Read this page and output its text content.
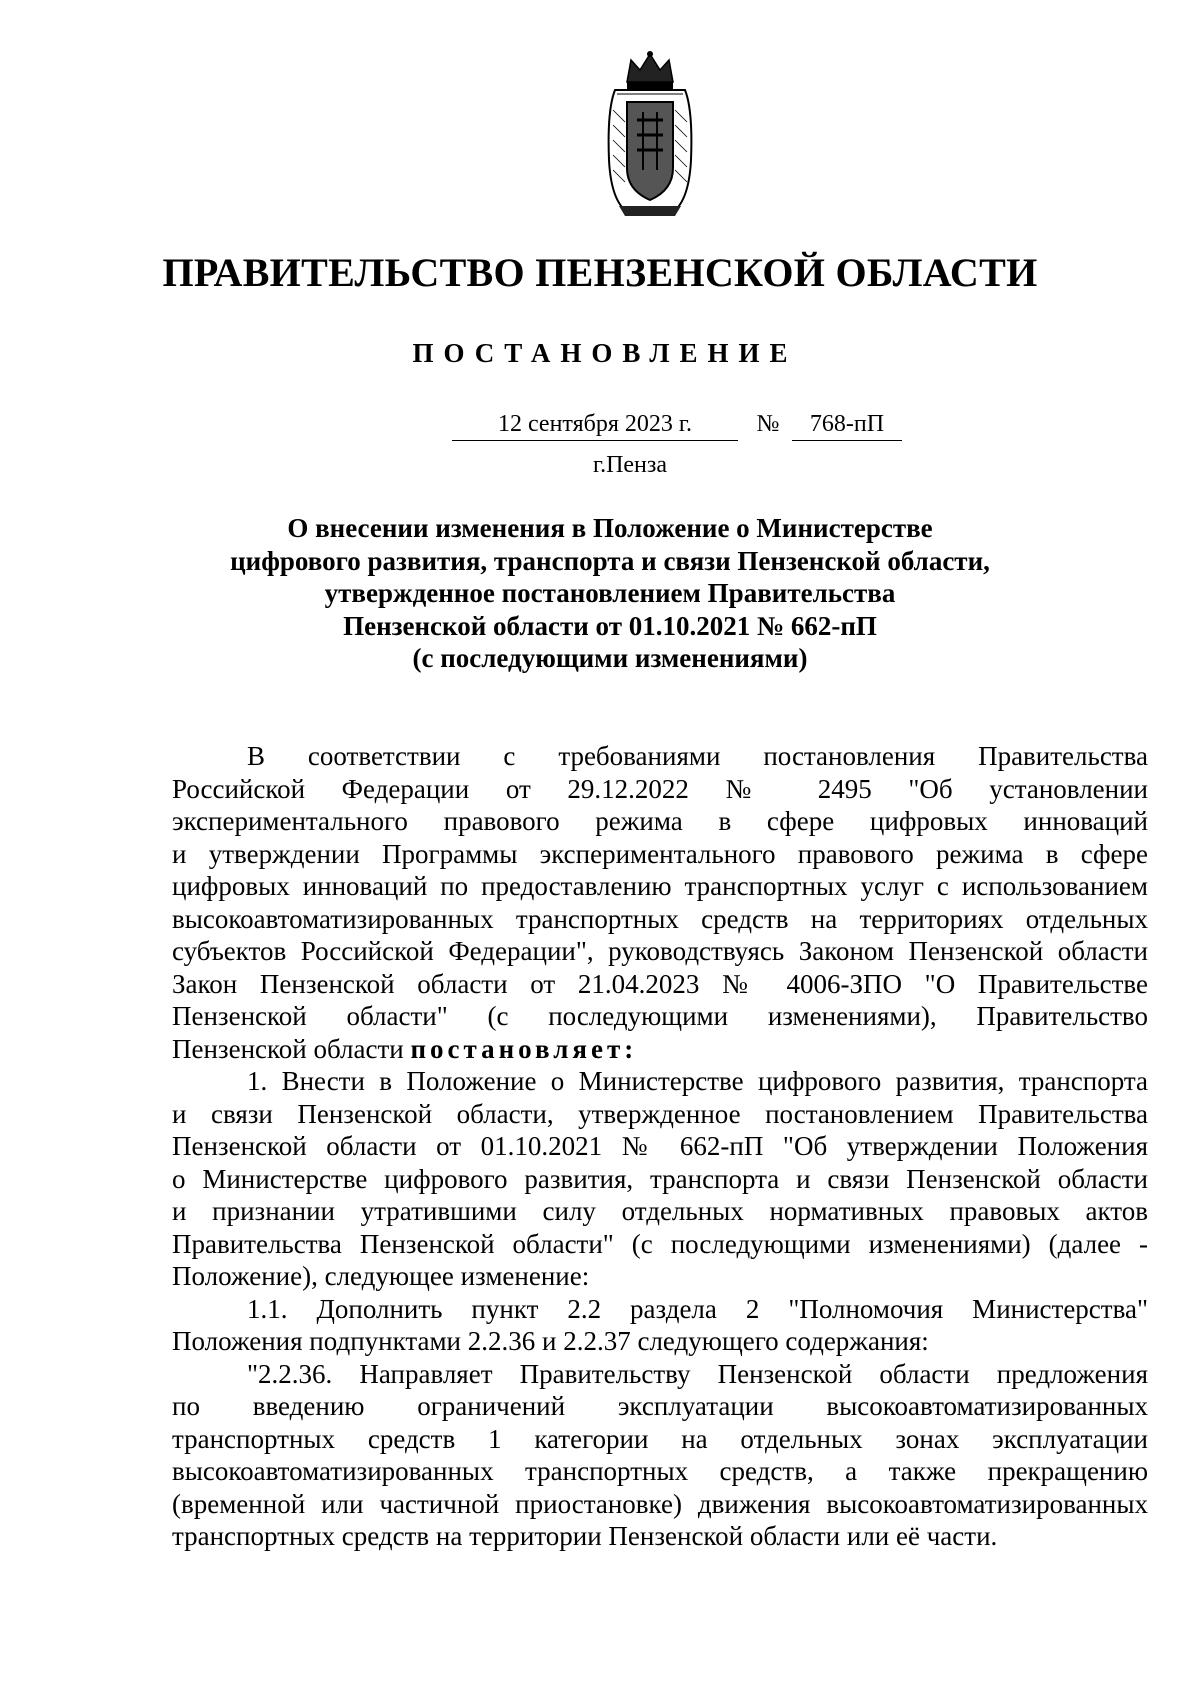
ПРАВИТЕЛЬСТВО ПЕНЗЕНСКОЙ ОБЛАСТИ
ПОСТАНОВЛЕНИЕ
12 сентября 2023 г.	№	768-пП
г.Пенза
О внесении изменения в Положение о Министерстве
цифрового развития, транспорта и связи Пензенской области,
утвержденное постановлением Правительства
Пензенской области от 01.10.2021 № 662-пП
(с последующими изменениями)
В соответствии с требованиями постановления Правительства
Российской Федерации от 29.12.2022 № 2495 "Об установлении
экспериментального правового режима в сфере цифровых инноваций
и утверждении Программы экспериментального правового режима в сфере
цифровых инноваций по предоставлению транспортных услуг с использованием
высокоавтоматизированных транспортных средств на территориях отдельных
субъектов Российской Федерации", руководствуясь Законом Пензенской области
Закон Пензенской области от 21.04.2023 № 4006-ЗПО "О Правительстве
Пензенской области" (с последующими изменениями), Правительство
Пензенской области постановляет:
1. Внести в Положение о Министерстве цифрового развития, транспорта
и связи Пензенской области, утвержденное постановлением Правительства
Пензенской области от 01.10.2021 № 662-пП "Об утверждении Положения
о Министерстве цифрового развития, транспорта и связи Пензенской области
и признании утратившими силу отдельных нормативных правовых актов
Правительства Пензенской области" (с последующими изменениями) (далее -
Положение), следующее изменение:
1.1. Дополнить пункт 2.2 раздела 2 "Полномочия Министерства"
Положения подпунктами 2.2.36 и 2.2.37 следующего содержания:
"2.2.36. Направляет Правительству Пензенской области предложения
по введению ограничений эксплуатации высокоавтоматизированных
транспортных средств 1 категории на отдельных зонах эксплуатации
высокоавтоматизированных транспортных средств, а также прекращению
(временной или частичной приостановке) движения высокоавтоматизированных
транспортных средств на территории Пензенской области или её части.
